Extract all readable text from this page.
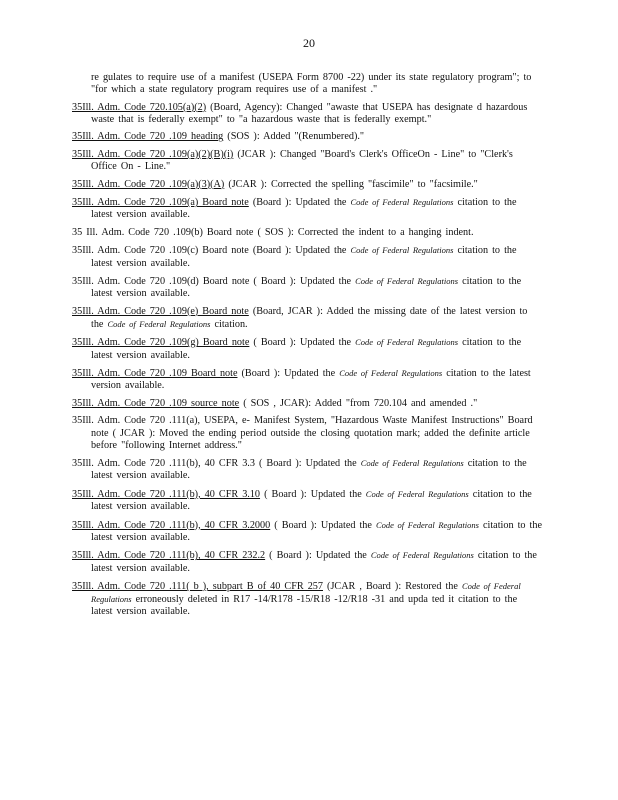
20

re gulates to require use of a manifest (USEPA Form 8700 -22) under its state regulatory program"; to "for which a state regulatory program requires use of a manifest ."

35Ill. Adm. Code 720.105(a)(2) (Board, Agency): Changed "awaste that USEPA has designate d hazardous waste that is federally exempt" to "a hazardous waste that is federally exempt."

35Ill. Adm. Code 720 .109 heading (SOS ): Added "(Renumbered)."

35Ill. Adm. Code 720 .109(a)(2)(B)(i) (JCAR ): Changed "Board's Clerk's OfficeOn - Line" to "Clerk's Office On - Line."

35Ill. Adm. Code 720 .109(a)(3)(A) (JCAR ): Corrected the spelling "fascimile" to "facsimile."

35Ill. Adm. Code 720 .109(a) Board note (Board ): Updated the Code of Federal Regulations citation to the latest version available.

35 Ill. Adm. Code 720 .109(b) Board note ( SOS ): Corrected the indent to a hanging indent.

35Ill. Adm. Code 720 .109(c) Board note (Board ): Updated the Code of Federal Regulations citation to the latest version available.

35Ill. Adm. Code 720 .109(d) Board note ( Board ): Updated the Code of Federal Regulations citation to the latest version available.

35Ill. Adm. Code 720 .109(e) Board note (Board, JCAR ): Added the missing date of the latest version to the Code of Federal Regulations citation.

35Ill. Adm. Code 720 .109(g) Board note ( Board ): Updated the Code of Federal Regulations citation to the latest version available.

35Ill. Adm. Code 720 .109 Board note (Board ): Updated the Code of Federal Regulations citation to the latest version available.

35Ill. Adm. Code 720 .109 source note ( SOS , JCAR): Added "from 720.104 and amended ."

35Ill. Adm. Code 720 .111(a), USEPA, e- Manifest System, "Hazardous Waste Manifest Instructions" Board note ( JCAR ): Moved the ending period outside the closing quotation mark; added the definite article before "following Internet address."

35Ill. Adm. Code 720 .111(b), 40 CFR 3.3 ( Board ): Updated the Code of Federal Regulations citation to the latest version available.

35Ill. Adm. Code 720 .111(b), 40 CFR 3.10 ( Board ): Updated the Code of Federal Regulations citation to the latest version available.

35Ill. Adm. Code 720 .111(b), 40 CFR 3.2000 ( Board ): Updated the Code of Federal Regulations citation to the latest version available.

35Ill. Adm. Code 720 .111(b), 40 CFR 232.2 ( Board ): Updated the Code of Federal Regulations citation to the latest version available.

35Ill. Adm. Code 720 .111( b ), subpart B of 40 CFR 257 (JCAR , Board ): Restored the Code of Federal Regulations erroneously deleted in R17 -14/R178 -15/R18 -12/R18 -31 and upda ted it citation to the latest version available.
